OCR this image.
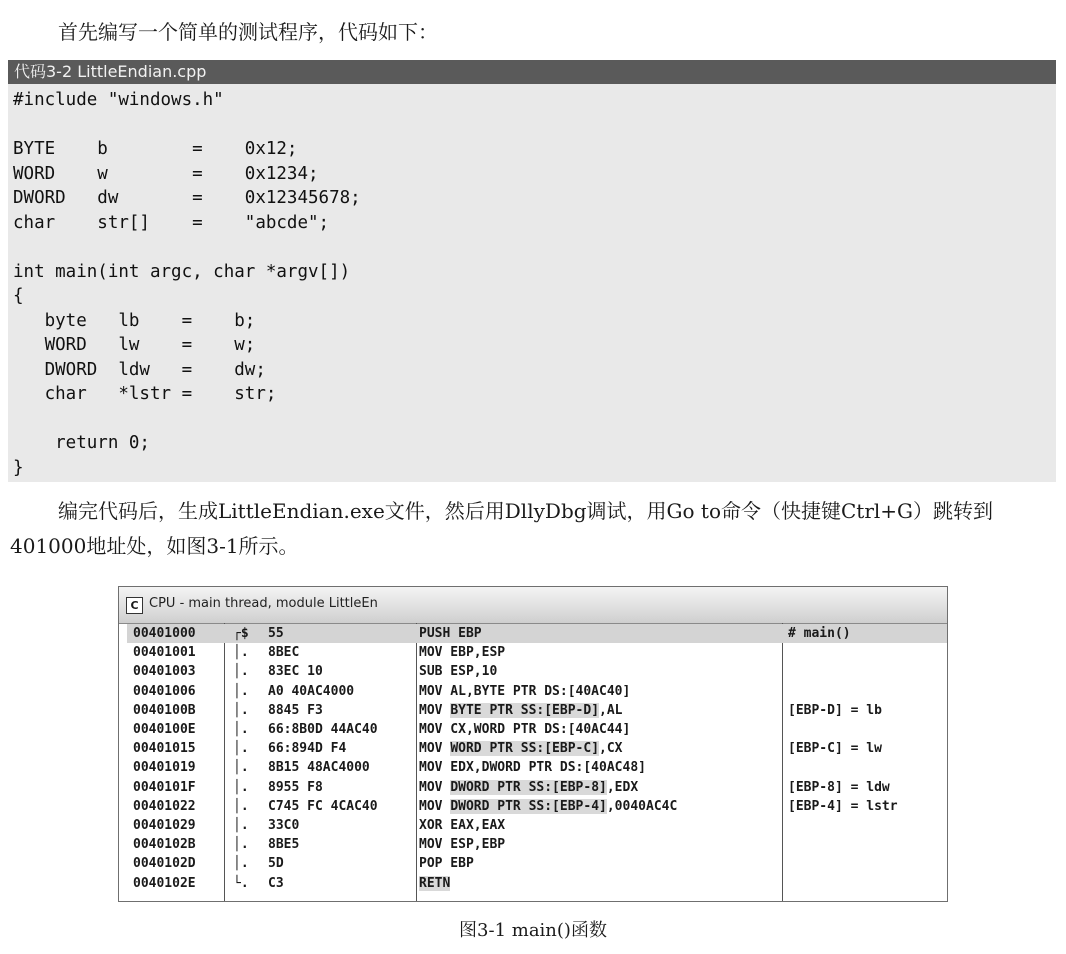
首先编写一个简单的测试程序，代码如下：

代码3-2 LittleEndian.cpp
#include "windows.h"

BYTE    b        =    0x12;
WORD    w        =    0x1234;
DWORD   dw       =    0x12345678;
char    str[]    =    "abcde";

int main(int argc, char *argv[])
{
byte   lb    =    b;
WORD   lw    =    w;
DWORD  ldw   =    dw;
char   *lstr =    str;

return 0;
}

编完代码后，生成LittleEndian.exe文件，然后用DllyDbg调试，用Go to命令（快捷键Ctrl+G）跳转到401000地址处，如图3-1所示。

C CPU - main thread, module LittleEn
00401000	┌$	55	PUSH EBP	# main()
00401001	│.	8BEC	MOV EBP,ESP
00401003	│.	83EC 10	SUB ESP,10
00401006	│.	A0 40AC4000	MOV AL,BYTE PTR DS:[40AC40]
0040100B	│.	8845 F3	MOV BYTE PTR SS:[EBP-D],AL	[EBP-D] = lb
0040100E	│.	66:8B0D 44AC40	MOV CX,WORD PTR DS:[40AC44]
00401015	│.	66:894D F4	MOV WORD PTR SS:[EBP-C],CX	[EBP-C] = lw
00401019	│.	8B15 48AC4000	MOV EDX,DWORD PTR DS:[40AC48]
0040101F	│.	8955 F8	MOV DWORD PTR SS:[EBP-8],EDX	[EBP-8] = ldw
00401022	│.	C745 FC 4CAC40	MOV DWORD PTR SS:[EBP-4],0040AC4C	[EBP-4] = lstr
00401029	│.	33C0	XOR EAX,EAX
0040102B	│.	8BE5	MOV ESP,EBP
0040102D	│.	5D	POP EBP
0040102E	└.	C3	RETN
图3-1 main()函数
